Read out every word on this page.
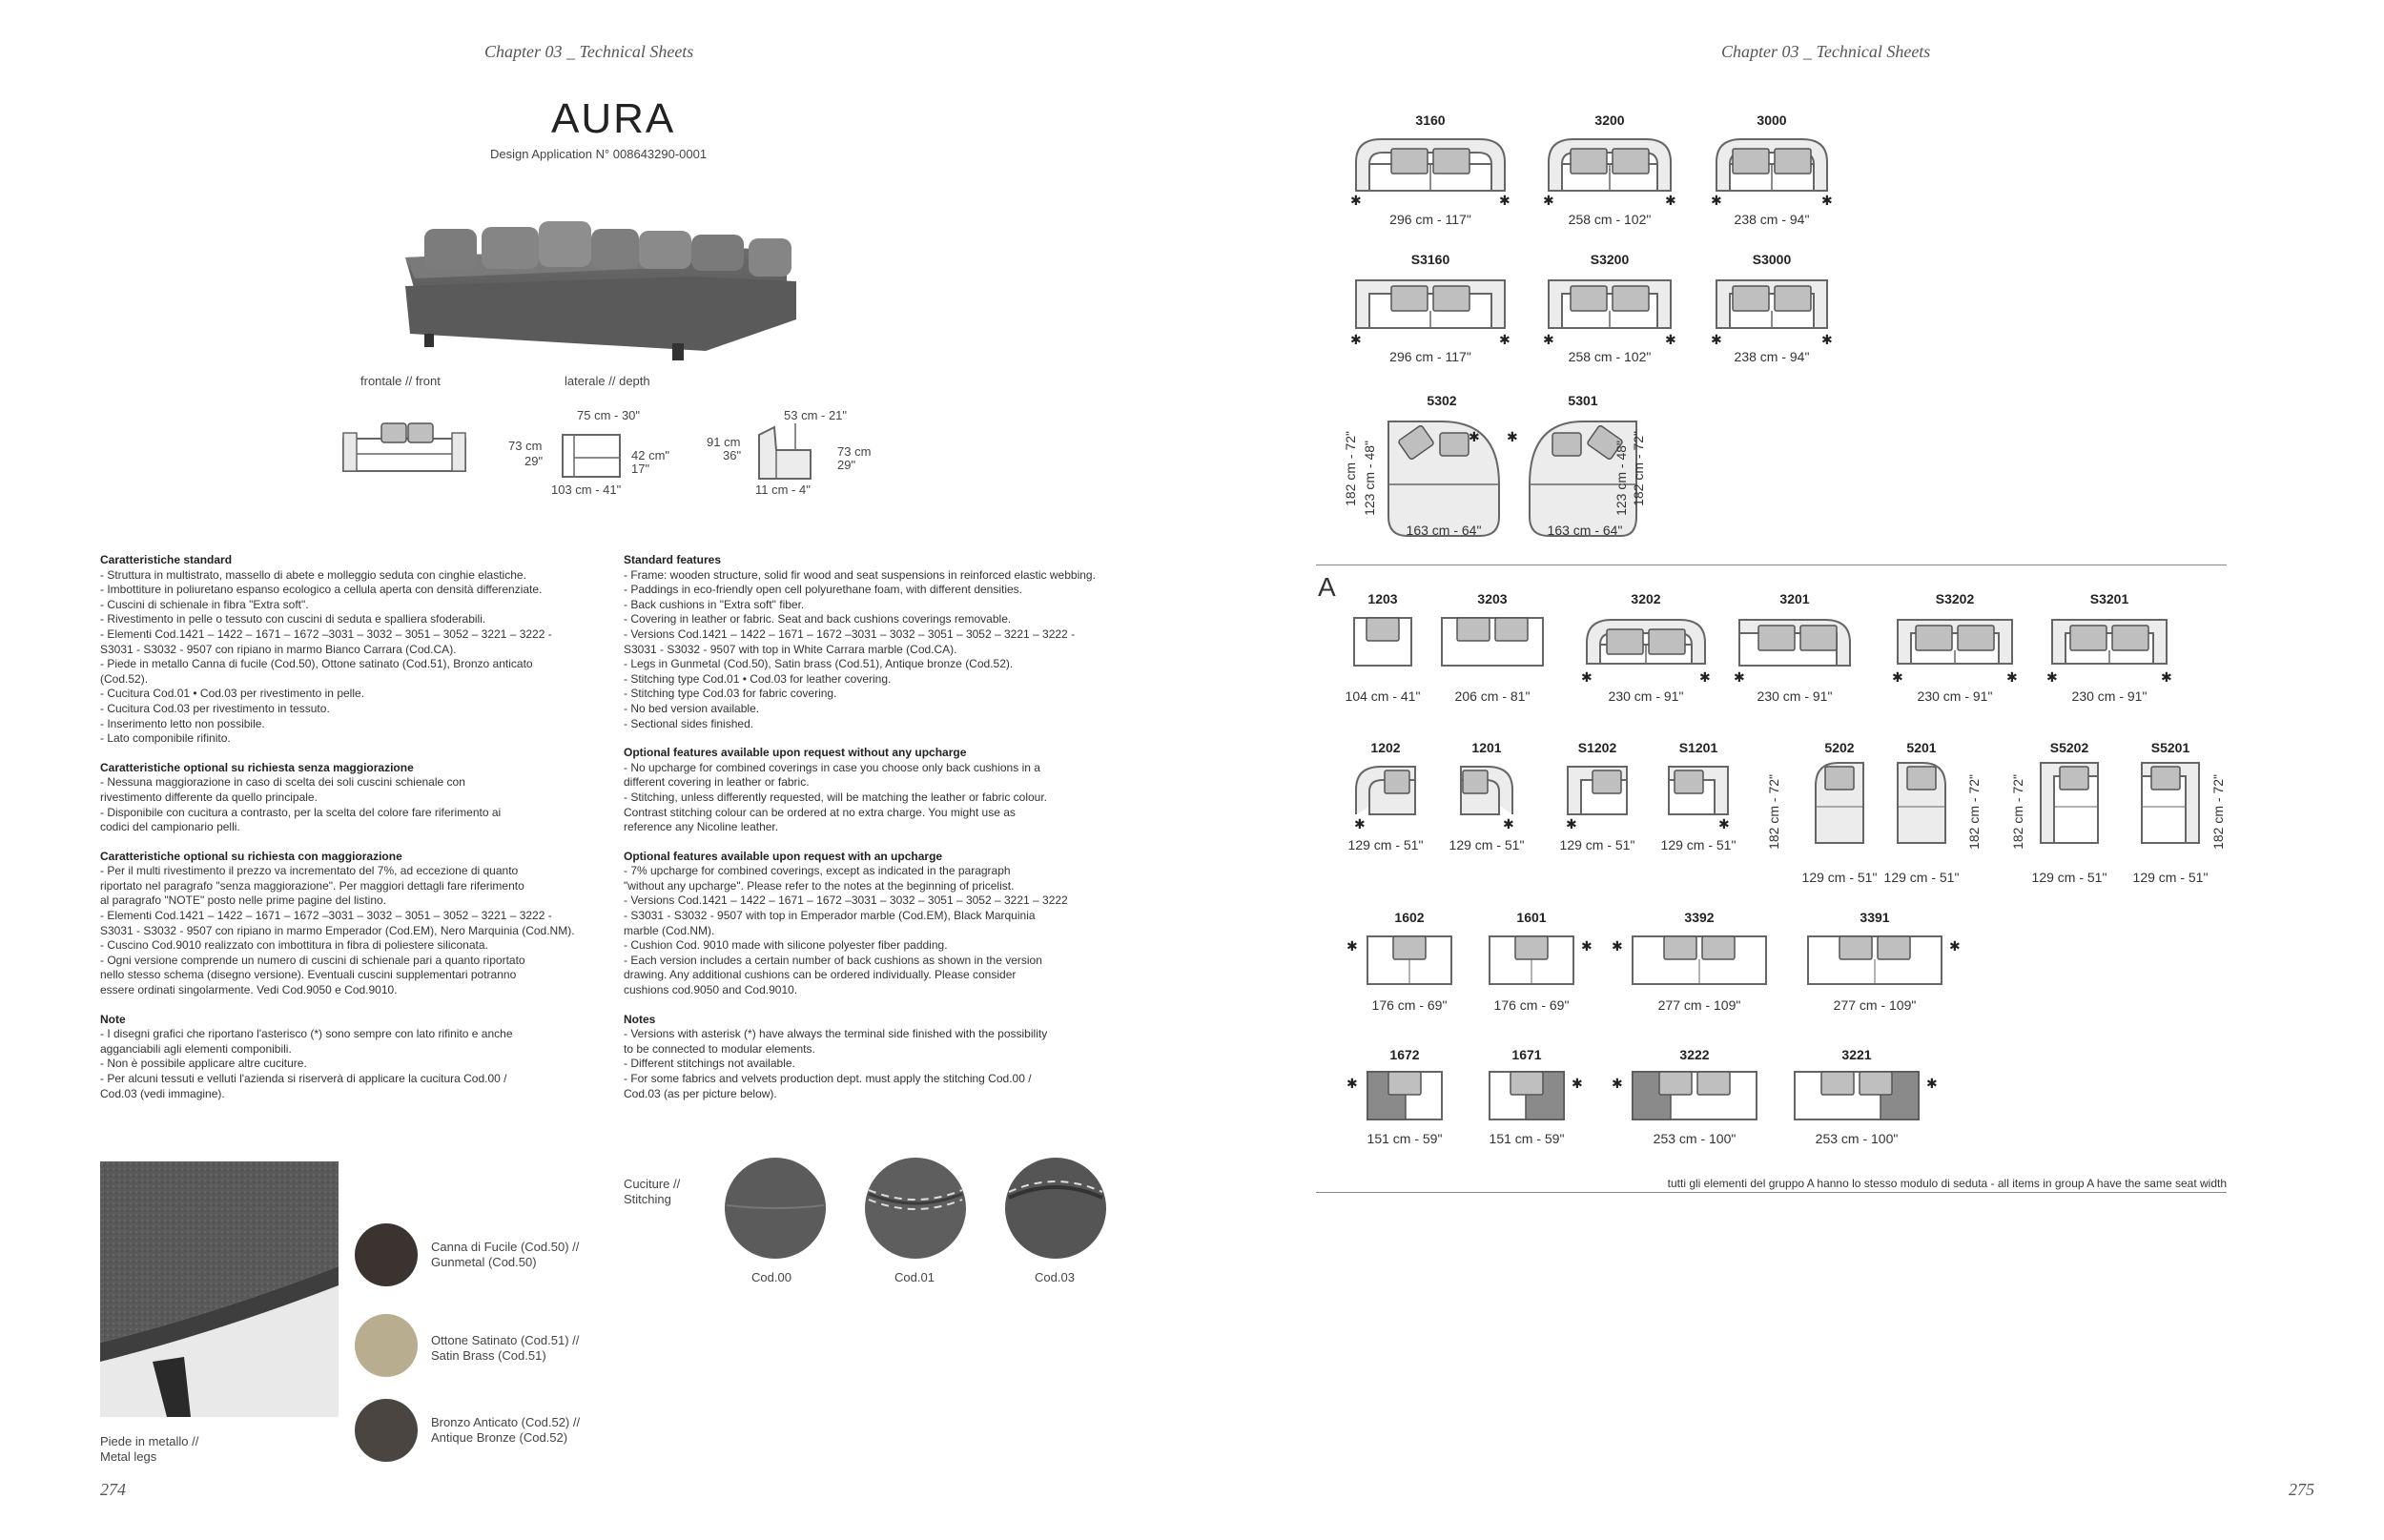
Chapter 03 _ Technical Sheets
AURA
Design Application N° 008643290-0001
frontale // front	laterale // depth
75 cm - 30"
73 cm
29"	42 cm"
17"
103 cm - 41"
53 cm - 21"
91 cm
36"	73 cm
29"
11 cm - 4"
Caratteristiche standard
- Struttura in multistrato, massello di abete e molleggio seduta con cinghie elastiche.
- Imbottiture in poliuretano espanso ecologico a cellula aperta con densità differenziate.
- Cuscini di schienale in fibra "Extra soft".
- Rivestimento in pelle o tessuto con cuscini di seduta e spalliera sfoderabili.
- Elementi Cod.1421 – 1422 – 1671 – 1672 –3031 – 3032 – 3051 – 3052 – 3221 – 3222 -
S3031 - S3032 - 9507 con ripiano in marmo Bianco Carrara (Cod.CA).
- Piede in metallo Canna di fucile (Cod.50), Ottone satinato (Cod.51), Bronzo anticato
(Cod.52).
- Cucitura Cod.01 • Cod.03 per rivestimento in pelle.
- Cucitura Cod.03 per rivestimento in tessuto.
- Inserimento letto non possibile.
- Lato componibile rifinito.
Caratteristiche optional su richiesta senza maggiorazione
- Nessuna maggiorazione in caso di scelta dei soli cuscini schienale con
rivestimento differente da quello principale.
- Disponibile con cucitura a contrasto, per la scelta del colore fare riferimento ai
codici del campionario pelli.
Caratteristiche optional su richiesta con maggiorazione
- Per il multi rivestimento il prezzo va incrementato del 7%, ad eccezione di quanto
riportato nel paragrafo "senza maggiorazione". Per maggiori dettagli fare riferimento
al paragrafo "NOTE" posto nelle prime pagine del listino.
- Elementi Cod.1421 – 1422 – 1671 – 1672 –3031 – 3032 – 3051 – 3052 – 3221 – 3222 -
S3031 - S3032 - 9507 con ripiano in marmo Emperador (Cod.EM), Nero Marquinia (Cod.NM).
- Cuscino Cod.9010 realizzato con imbottitura in fibra di poliestere siliconata.
- Ogni versione comprende un numero di cuscini di schienale pari a quanto riportato
nello stesso schema (disegno versione). Eventuali cuscini supplementari potranno
essere ordinati singolarmente. Vedi Cod.9050 e Cod.9010.
Note
- I disegni grafici che riportano l'asterisco (*) sono sempre con lato rifinito e anche
agganciabili agli elementi componibili.
- Non è possibile applicare altre cuciture.
- Per alcuni tessuti e velluti l'azienda si riserverà di applicare la cucitura Cod.00 /
Cod.03 (vedi immagine).
Standard features
- Frame: wooden structure, solid fir wood and seat suspensions in reinforced elastic webbing.
- Paddings in eco-friendly open cell polyurethane foam, with different densities.
- Back cushions in "Extra soft" fiber.
- Covering in leather or fabric. Seat and back cushions coverings removable.
- Versions Cod.1421 – 1422 – 1671 – 1672 –3031 – 3032 – 3051 – 3052 – 3221 – 3222 -
S3031 - S3032 - 9507 with top in White Carrara marble (Cod.CA).
- Legs in Gunmetal (Cod.50), Satin brass (Cod.51), Antique bronze (Cod.52).
- Stitching type Cod.01 • Cod.03 for leather covering.
- Stitching type Cod.03 for fabric covering.
- No bed version available.
- Sectional sides finished.
Optional features available upon request without any upcharge
- No upcharge for combined coverings in case you choose only back cushions in a
different covering in leather or fabric.
- Stitching, unless differently requested, will be matching the leather or fabric colour.
Contrast stitching colour can be ordered at no extra charge. You might use as
reference any Nicoline leather.
Optional features available upon request with an upcharge
- 7% upcharge for combined coverings, except as indicated in the paragraph
"without any upcharge". Please refer to the notes at the beginning of pricelist.
- Versions Cod.1421 – 1422 – 1671 – 1672 –3031 – 3032 – 3051 – 3052 – 3221 – 3222
- S3031 - S3032 - 9507 with top in Emperador marble (Cod.EM), Black Marquinia
marble (Cod.NM).
- Cushion Cod. 9010 made with silicone polyester fiber padding.
- Each version includes a certain number of back cushions as shown in the version
drawing. Any additional cushions can be ordered individually. Please consider
cushions cod.9050 and Cod.9010.
Notes
- Versions with asterisk (*) have always the terminal side finished with the possibility
to be connected to modular elements.
- Different stitchings not available.
- For some fabrics and velvets production dept. must apply the stitching Cod.00 /
Cod.03 (as per picture below).
Piede in metallo //
Metal legs
Canna di Fucile (Cod.50) //
Gunmetal (Cod.50)
Ottone Satinato (Cod.51) //
Satin Brass (Cod.51)
Bronzo Anticato (Cod.52) //
Antique Bronze (Cod.52)
Cuciture //
Stitching
Cod.00	Cod.01	Cod.03
274
Chapter 03 _ Technical Sheets
3160
✱	✱
296 cm - 117"
3200
✱	✱
258 cm - 102"
3000
✱	✱
238 cm - 94"
S3160
✱	✱
296 cm - 117"
S3200
✱	✱
258 cm - 102"
S3000
✱	✱
238 cm - 94"
5302
163 cm - 64"
5301
163 cm - 64"
182 cm - 72" 123 cm - 48"
✱ ✱
123 cm - 48" 182 cm - 72"
1203
104 cm - 41"
3203
206 cm - 81"
3202
✱	✱
230 cm - 91"
3201
✱
230 cm - 91"
S3202
✱	✱
230 cm - 91"
S3201
✱	✱
230 cm - 91"
1202
✱
129 cm - 51"
1201
✱
129 cm - 51"
S1202
✱
129 cm - 51"
S1201
✱
129 cm - 51"
5202
129 cm - 51"
5201
129 cm - 51"
S5202
129 cm - 51"
S5201
129 cm - 51"
182 cm - 72"	182 cm - 72" 182 cm - 72"	182 cm - 72"
1602
✱
176 cm - 69"
1601
✱
176 cm - 69"
3392
✱
277 cm - 109"
3391
✱
277 cm - 109"
1672
✱
151 cm - 59"
1671
✱
151 cm - 59"
3222
✱
253 cm - 100"
3221
✱
253 cm - 100"
A
tutti gli elementi del gruppo A hanno lo stesso modulo di seduta - all items in group A have the same seat width
275
